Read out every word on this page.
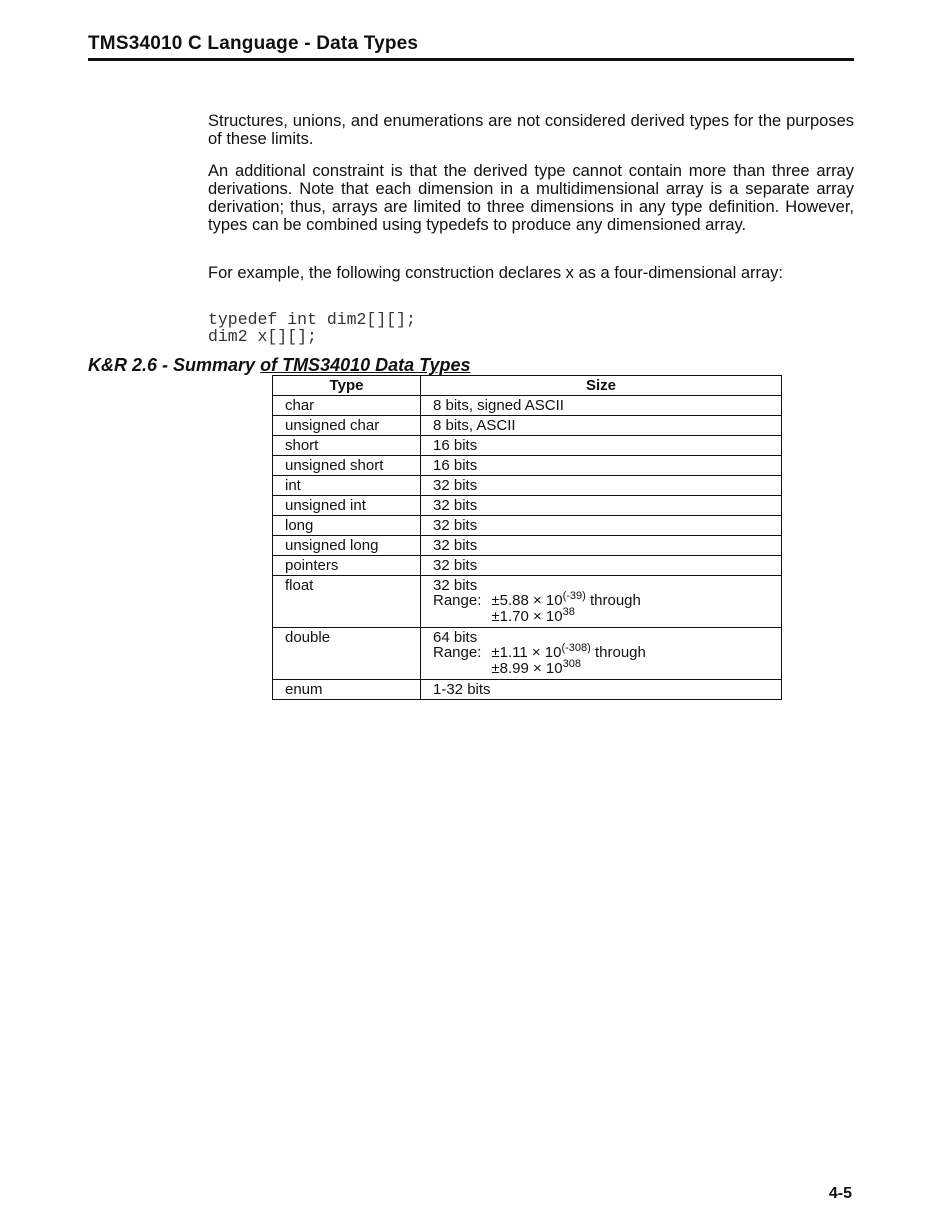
TMS34010 C Language - Data Types

Structures, unions, and enumerations are not considered derived types for the purposes of these limits.

An additional constraint is that the derived type cannot contain more than three array derivations. Note that each dimension in a multidimensional array is a separate array derivation; thus, arrays are limited to three dimensions in any type definition. However, types can be combined using typedefs to produce any dimensioned array.

For example, the following construction declares x as a four-dimensional array:

typedef int dim2[][];
dim2 x[][];
K&R 2.6 - Summary of TMS34010 Data Types
Type	Size
char	8 bits, signed ASCII
unsigned char	8 bits, ASCII
short	16 bits
unsigned short	16 bits
int	32 bits
unsigned int	32 bits
long	32 bits
unsigned long	32 bits
pointers	32 bits
float	32 bits
Range: $\pm 5.88 \times 10^{(-39)}$ through
$\pm 1.70 \times 10^{38}$

double	64 bits
Range: $\pm 1.11 \times 10^{(-308)}$ through
$\pm 8.99 \times 10^{308}$

enum	1-32 bits
4-5
